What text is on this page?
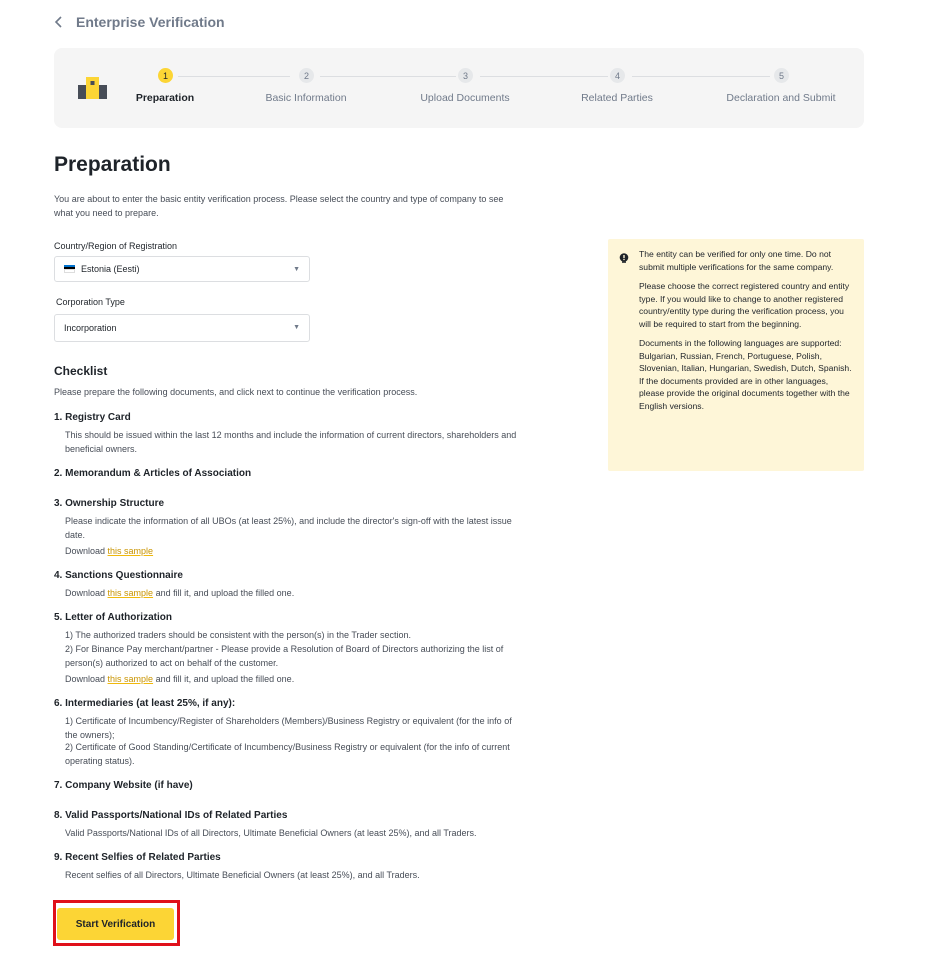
Enterprise Verification
1
Preparation
2
Basic Information
3
Upload Documents
4
Related Parties
5
Declaration and Submit
Preparation
You are about to enter the basic entity verification process. Please select the country and type of company to see what you need to prepare.
Country/Region of Registration
Estonia (Eesti)	▼
Corporation Type
Incorporation	▼
Checklist
Please prepare the following documents, and click next to continue the verification process.
1. Registry Card
This should be issued within the last 12 months and include the information of current directors, shareholders and beneficial owners.
2. Memorandum & Articles of Association
3. Ownership Structure
Please indicate the information of all UBOs (at least 25%), and include the director's sign-off with the latest issue date.
Download this sample
4. Sanctions Questionnaire
Download this sample and fill it, and upload the filled one.
5. Letter of Authorization
1) The authorized traders should be consistent with the person(s) in the Trader section.
2) For Binance Pay merchant/partner - Please provide a Resolution of Board of Directors authorizing the list of person(s) authorized to act on behalf of the customer.
Download this sample and fill it, and upload the filled one.
6. Intermediaries (at least 25%, if any):
1) Certificate of Incumbency/Register of Shareholders (Members)/Business Registry or equivalent (for the info of the owners);
2) Certificate of Good Standing/Certificate of Incumbency/Business Registry or equivalent (for the info of current operating status).
7. Company Website (if have)
8. Valid Passports/National IDs of Related Parties
Valid Passports/National IDs of all Directors, Ultimate Beneficial Owners (at least 25%), and all Traders.
9. Recent Selfies of Related Parties
Recent selfies of all Directors, Ultimate Beneficial Owners (at least 25%), and all Traders.

The entity can be verified for only one time. Do not submit multiple verifications for the same company.

Please choose the correct registered country and entity type. If you would like to change to another registered country/entity type during the verification process, you will be required to start from the beginning.

Documents in the following languages are supported: Bulgarian, Russian, French, Portuguese, Polish, Slovenian, Italian, Hungarian, Swedish, Dutch, Spanish. If the documents provided are in other languages, please provide the original documents together with the English versions.

Start Verification
